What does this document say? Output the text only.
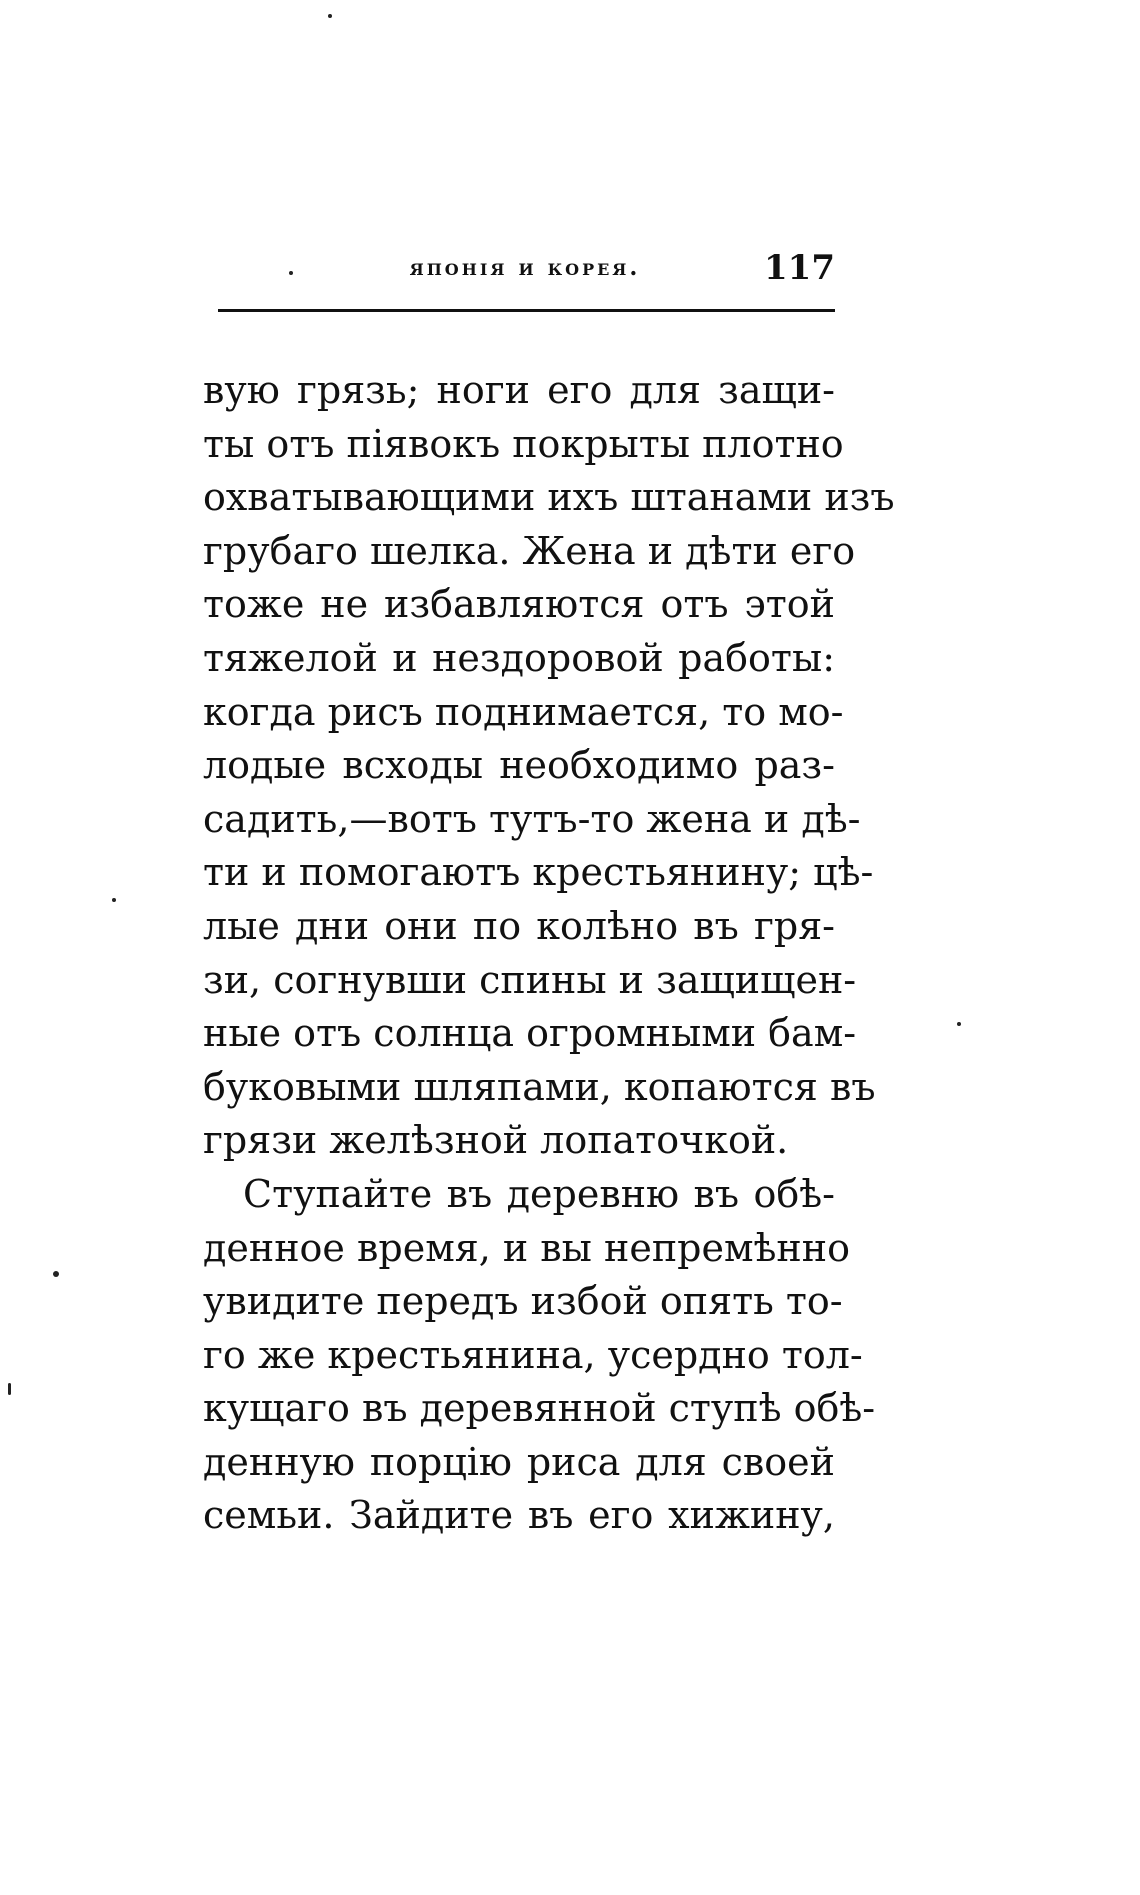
японія и корея.	117
вую грязь; ноги его для защи-
ты отъ піявокъ покрыты плотно
охватывающими ихъ штанами изъ
грубаго шелка. Жена и дѣти его
тоже не избавляются отъ этой
тяжелой и нездоровой работы:
когда рисъ поднимается, то мо-
лодые всходы необходимо раз-
садить,—вотъ тутъ-то жена и дѣ-
ти и помогаютъ крестьянину; цѣ-
лые дни они по колѣно въ гря-
зи, согнувши спины и защищен-
ные отъ солнца огромными бам-
буковыми шляпами, копаются въ
грязи желѣзной лопаточкой.
Ступайте въ деревню въ обѣ-
денное время, и вы непремѣнно
увидите передъ избой опять то-
го же крестьянина, усердно тол-
кущаго въ деревянной ступѣ обѣ-
денную порцію риса для своей
семьи. Зайдите въ его хижину,
